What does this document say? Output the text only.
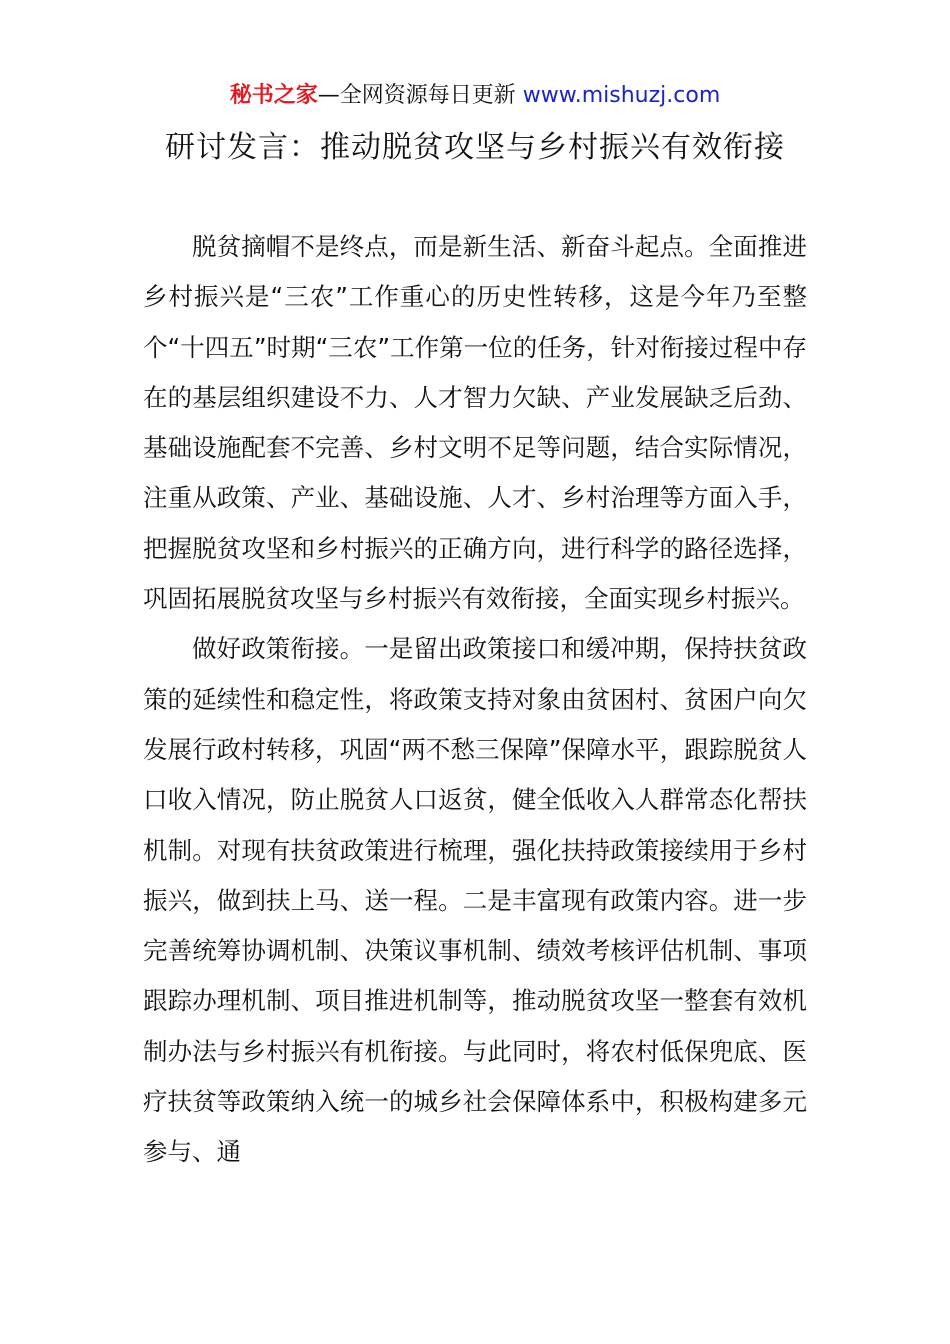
秘书之家—全网资源每日更新 www.mishuzj.com
研讨发言：推动脱贫攻坚与乡村振兴有效衔接

脱贫摘帽不是终点，而是新生活、新奋斗起点。全面推进乡村振兴是“三农”工作重心的历史性转移，这是今年乃至整个“十四五”时期“三农”工作第一位的任务，针对衔接过程中存在的基层组织建设不力、人才智力欠缺、产业发展缺乏后劲、基础设施配套不完善、乡村文明不足等问题，结合实际情况，注重从政策、产业、基础设施、人才、乡村治理等方面入手，把握脱贫攻坚和乡村振兴的正确方向，进行科学的路径选择，巩固拓展脱贫攻坚与乡村振兴有效衔接，全面实现乡村振兴。

做好政策衔接。一是留出政策接口和缓冲期，保持扶贫政策的延续性和稳定性，将政策支持对象由贫困村、贫困户向欠发展行政村转移，巩固“两不愁三保障”保障水平，跟踪脱贫人口收入情况，防止脱贫人口返贫，健全低收入人群常态化帮扶机制。对现有扶贫政策进行梳理，强化扶持政策接续用于乡村振兴，做到扶上马、送一程。二是丰富现有政策内容。进一步完善统筹协调机制、决策议事机制、绩效考核评估机制、事项跟踪办理机制、项目推进机制等，推动脱贫攻坚一整套有效机制办法与乡村振兴有机衔接。与此同时，将农村低保兜底、医疗扶贫等政策纳入统一的城乡社会保障体系中，积极构建多元参与、通
